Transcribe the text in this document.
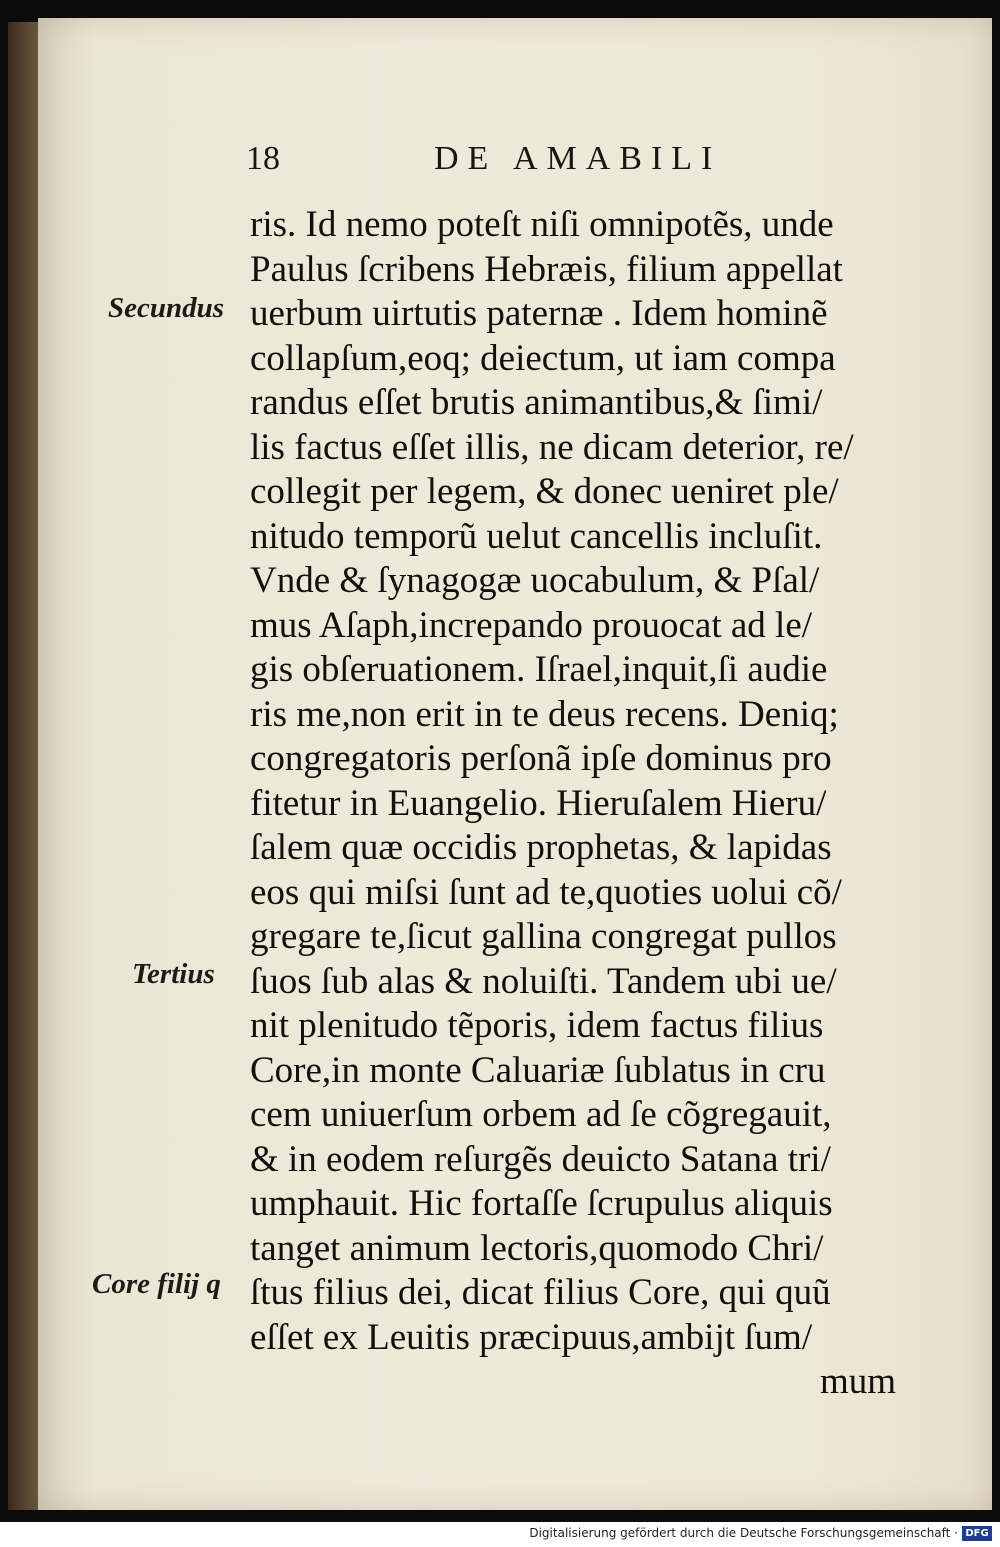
18	DE AMABILI
Secundus
Tertius
Core filij q
ris. Id nemo poteſt niſi omnipotẽs, unde
Paulus ſcribens Hebræis, filium appellat
uerbum uirtutis paternæ . Idem hominẽ
collapſum,eoq; deiectum, ut iam compa
randus eſſet brutis animantibus,& ſimi/
lis factus eſſet illis, ne dicam deterior, re/
collegit per legem, & donec ueniret ple/
nitudo temporũ uelut cancellis incluſit.
Vnde & ſynagogæ uocabulum, & Pſal/
mus Aſaph,increpando prouocat ad le/
gis obſeruationem. Iſrael,inquit,ſi audie
ris me,non erit in te deus recens. Deniq;
congregatoris perſonã ipſe dominus pro
fitetur in Euangelio. Hieruſalem Hieru/
ſalem quæ occidis prophetas, & lapidas
eos qui miſsi ſunt ad te,quoties uolui cõ/
gregare te,ſicut gallina congregat pullos
ſuos ſub alas & noluiſti. Tandem ubi ue/
nit plenitudo tẽporis, idem factus filius
Core,in monte Caluariæ ſublatus in cru
cem uniuerſum orbem ad ſe cõgregauit,
& in eodem reſurgẽs deuicto Satana tri/
umphauit. Hic fortaſſe ſcrupulus aliquis
tanget animum lectoris,quomodo Chri/
ſtus filius dei, dicat filius Core, qui quũ
eſſet ex Leuitis præcipuus,ambijt ſum/
mum
Digitalisierung gefördert durch die Deutsche Forschungsgemeinschaft · DFG
